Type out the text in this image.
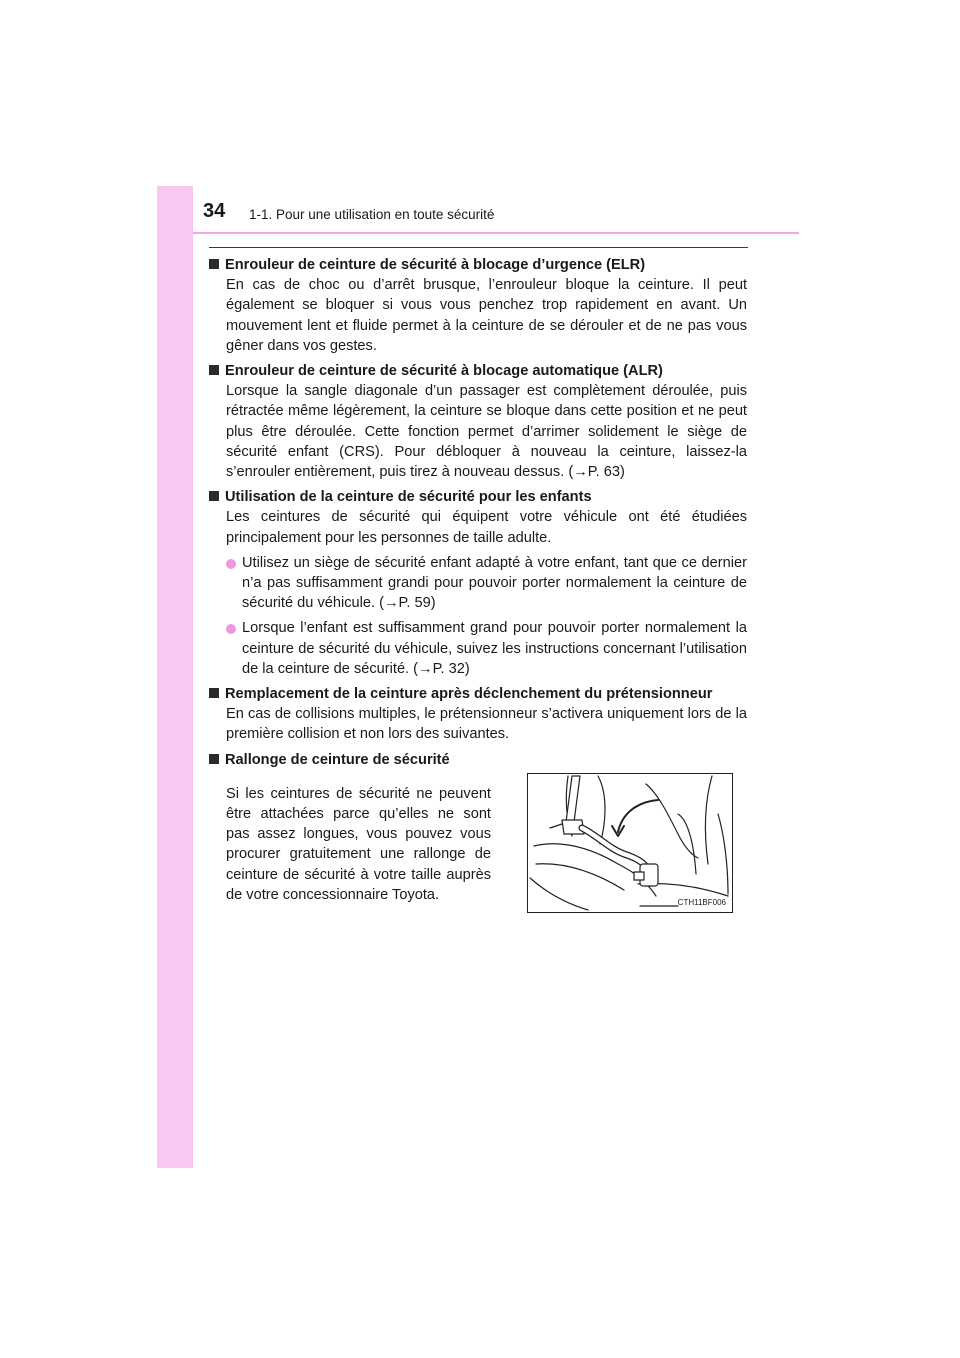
34 1-1. Pour une utilisation en toute sécurité
Enrouleur de ceinture de sécurité à blocage d’urgence (ELR)
En cas de choc ou d’arrêt brusque, l’enrouleur bloque la ceinture. Il peut également se bloquer si vous vous penchez trop rapidement en avant. Un mouvement lent et fluide permet à la ceinture de se dérouler et de ne pas vous gêner dans vos gestes.
Enrouleur de ceinture de sécurité à blocage automatique (ALR)
Lorsque la sangle diagonale d’un passager est complètement déroulée, puis rétractée même légèrement, la ceinture se bloque dans cette position et ne peut plus être déroulée. Cette fonction permet d’arrimer solidement le siège de sécurité enfant (CRS). Pour débloquer à nouveau la ceinture, laissez-la s’enrouler entièrement, puis tirez à nouveau dessus. (→P. 63)
Utilisation de la ceinture de sécurité pour les enfants
Les ceintures de sécurité qui équipent votre véhicule ont été étudiées principalement pour les personnes de taille adulte.
Utilisez un siège de sécurité enfant adapté à votre enfant, tant que ce dernier n’a pas suffisamment grandi pour pouvoir porter normalement la ceinture de sécurité du véhicule. (→P. 59)
Lorsque l’enfant est suffisamment grand pour pouvoir porter normalement la ceinture de sécurité du véhicule, suivez les instructions concernant l’utilisation de la ceinture de sécurité. (→P. 32)
Remplacement de la ceinture après déclenchement du prétensionneur
En cas de collisions multiples, le prétensionneur s’activera uniquement lors de la première collision et non lors des suivantes.
Rallonge de ceinture de sécurité
Si les ceintures de sécurité ne peuvent être attachées parce qu’elles ne sont pas assez longues, vous pouvez vous procurer gratuitement une rallonge de ceinture de sécurité à votre taille auprès de votre concessionnaire Toyota.	CTH11BF006
